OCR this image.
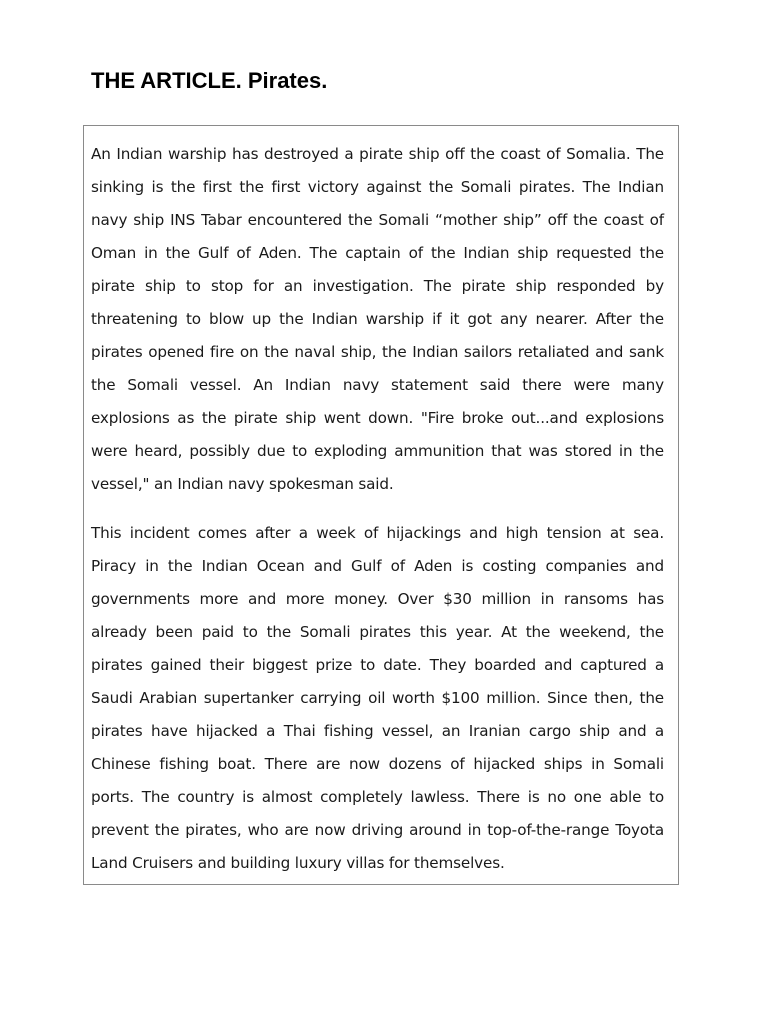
THE ARTICLE. Pirates.

An Indian warship has destroyed a pirate ship off the coast of Somalia. The sinking is the first the first victory against the Somali pirates. The Indian navy ship INS Tabar encountered the Somali “mother ship” off the coast of Oman in the Gulf of Aden. The captain of the Indian ship requested the pirate ship to stop for an investigation. The pirate ship responded by threatening to blow up the Indian warship if it got any nearer. After the pirates opened fire on the naval ship, the Indian sailors retaliated and sank the Somali vessel. An Indian navy statement said there were many explosions as the pirate ship went down. "Fire broke out...and explosions were heard, possibly due to exploding ammunition that was stored in the vessel," an Indian navy spokesman said.

This incident comes after a week of hijackings and high tension at sea. Piracy in the Indian Ocean and Gulf of Aden is costing companies and governments more and more money. Over $30 million in ransoms has already been paid to the Somali pirates this year. At the weekend, the pirates gained their biggest prize to date. They boarded and captured a Saudi Arabian supertanker carrying oil worth $100 million. Since then, the pirates have hijacked a Thai fishing vessel, an Iranian cargo ship and a Chinese fishing boat. There are now dozens of hijacked ships in Somali ports. The country is almost completely lawless. There is no one able to prevent the pirates, who are now driving around in top-of-the-range Toyota Land Cruisers and building luxury villas for themselves.
